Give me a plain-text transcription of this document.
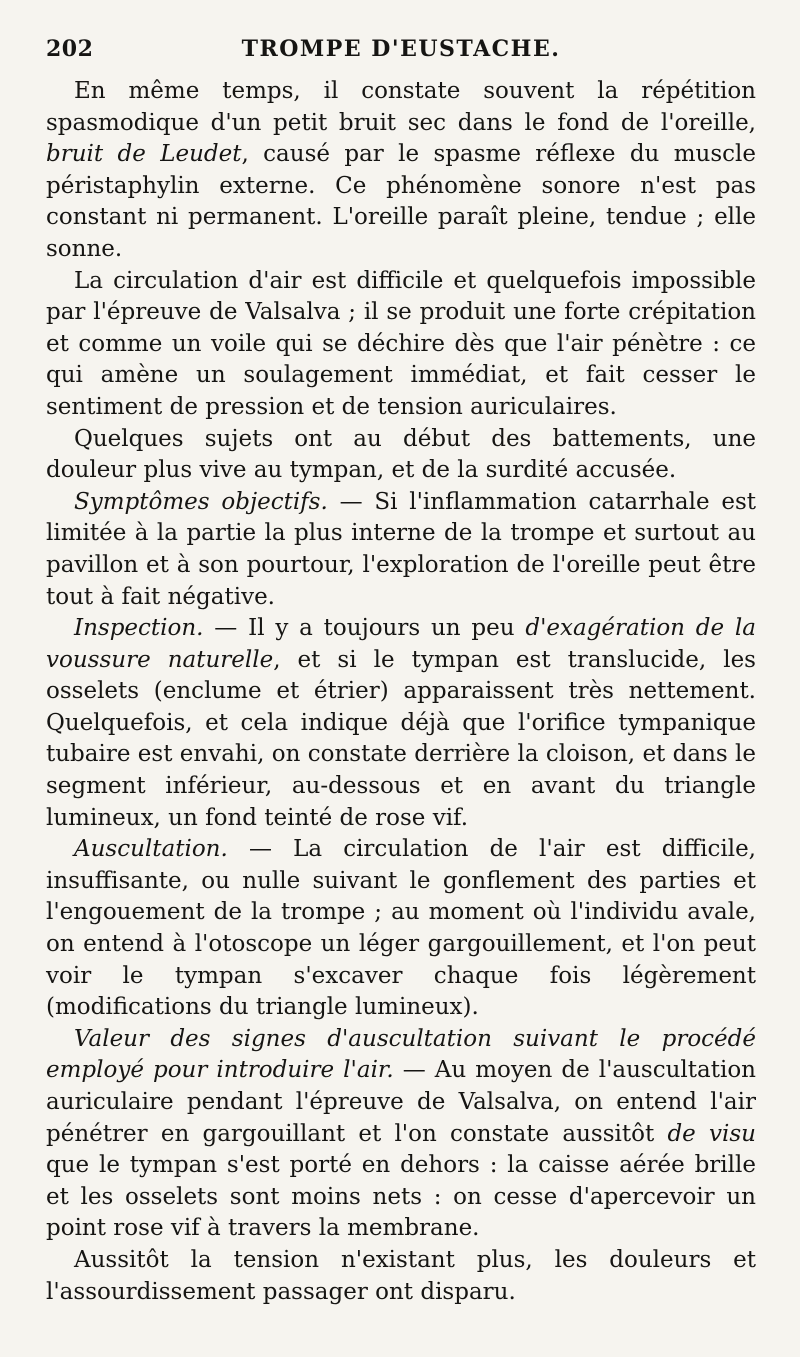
202	TROMPE D'EUSTACHE.

En même temps, il constate souvent la répétition spasmodique d'un petit bruit sec dans le fond de l'oreille, bruit de Leudet, causé par le spasme réflexe du muscle péristaphylin externe. Ce phénomène sonore n'est pas constant ni permanent. L'oreille paraît pleine, tendue ; elle sonne.

La circulation d'air est difficile et quelquefois impossible par l'épreuve de Valsalva ; il se produit une forte crépitation et comme un voile qui se déchire dès que l'air pénètre : ce qui amène un soulagement immédiat, et fait cesser le sentiment de pression et de tension auriculaires.

Quelques sujets ont au début des battements, une douleur plus vive au tympan, et de la surdité accusée.

Symptômes objectifs. — Si l'inflammation catarrhale est limitée à la partie la plus interne de la trompe et surtout au pavillon et à son pourtour, l'exploration de l'oreille peut être tout à fait négative.

Inspection. — Il y a toujours un peu d'exagération de la voussure naturelle, et si le tympan est translucide, les osselets (enclume et étrier) apparaissent très nettement. Quelquefois, et cela indique déjà que l'orifice tympanique tubaire est envahi, on constate derrière la cloison, et dans le segment inférieur, au-dessous et en avant du triangle lumineux, un fond teinté de rose vif.

Auscultation. — La circulation de l'air est difficile, insuffisante, ou nulle suivant le gonflement des parties et l'engouement de la trompe ; au moment où l'individu avale, on entend à l'otoscope un léger gargouillement, et l'on peut voir le tympan s'excaver chaque fois légèrement (modifications du triangle lumineux).

Valeur des signes d'auscultation suivant le procédé employé pour introduire l'air. — Au moyen de l'auscultation auriculaire pendant l'épreuve de Valsalva, on entend l'air pénétrer en gargouillant et l'on constate aussitôt de visu que le tympan s'est porté en dehors : la caisse aérée brille et les osselets sont moins nets : on cesse d'apercevoir un point rose vif à travers la membrane.

Aussitôt la tension n'existant plus, les douleurs et l'assourdissement passager ont disparu.
